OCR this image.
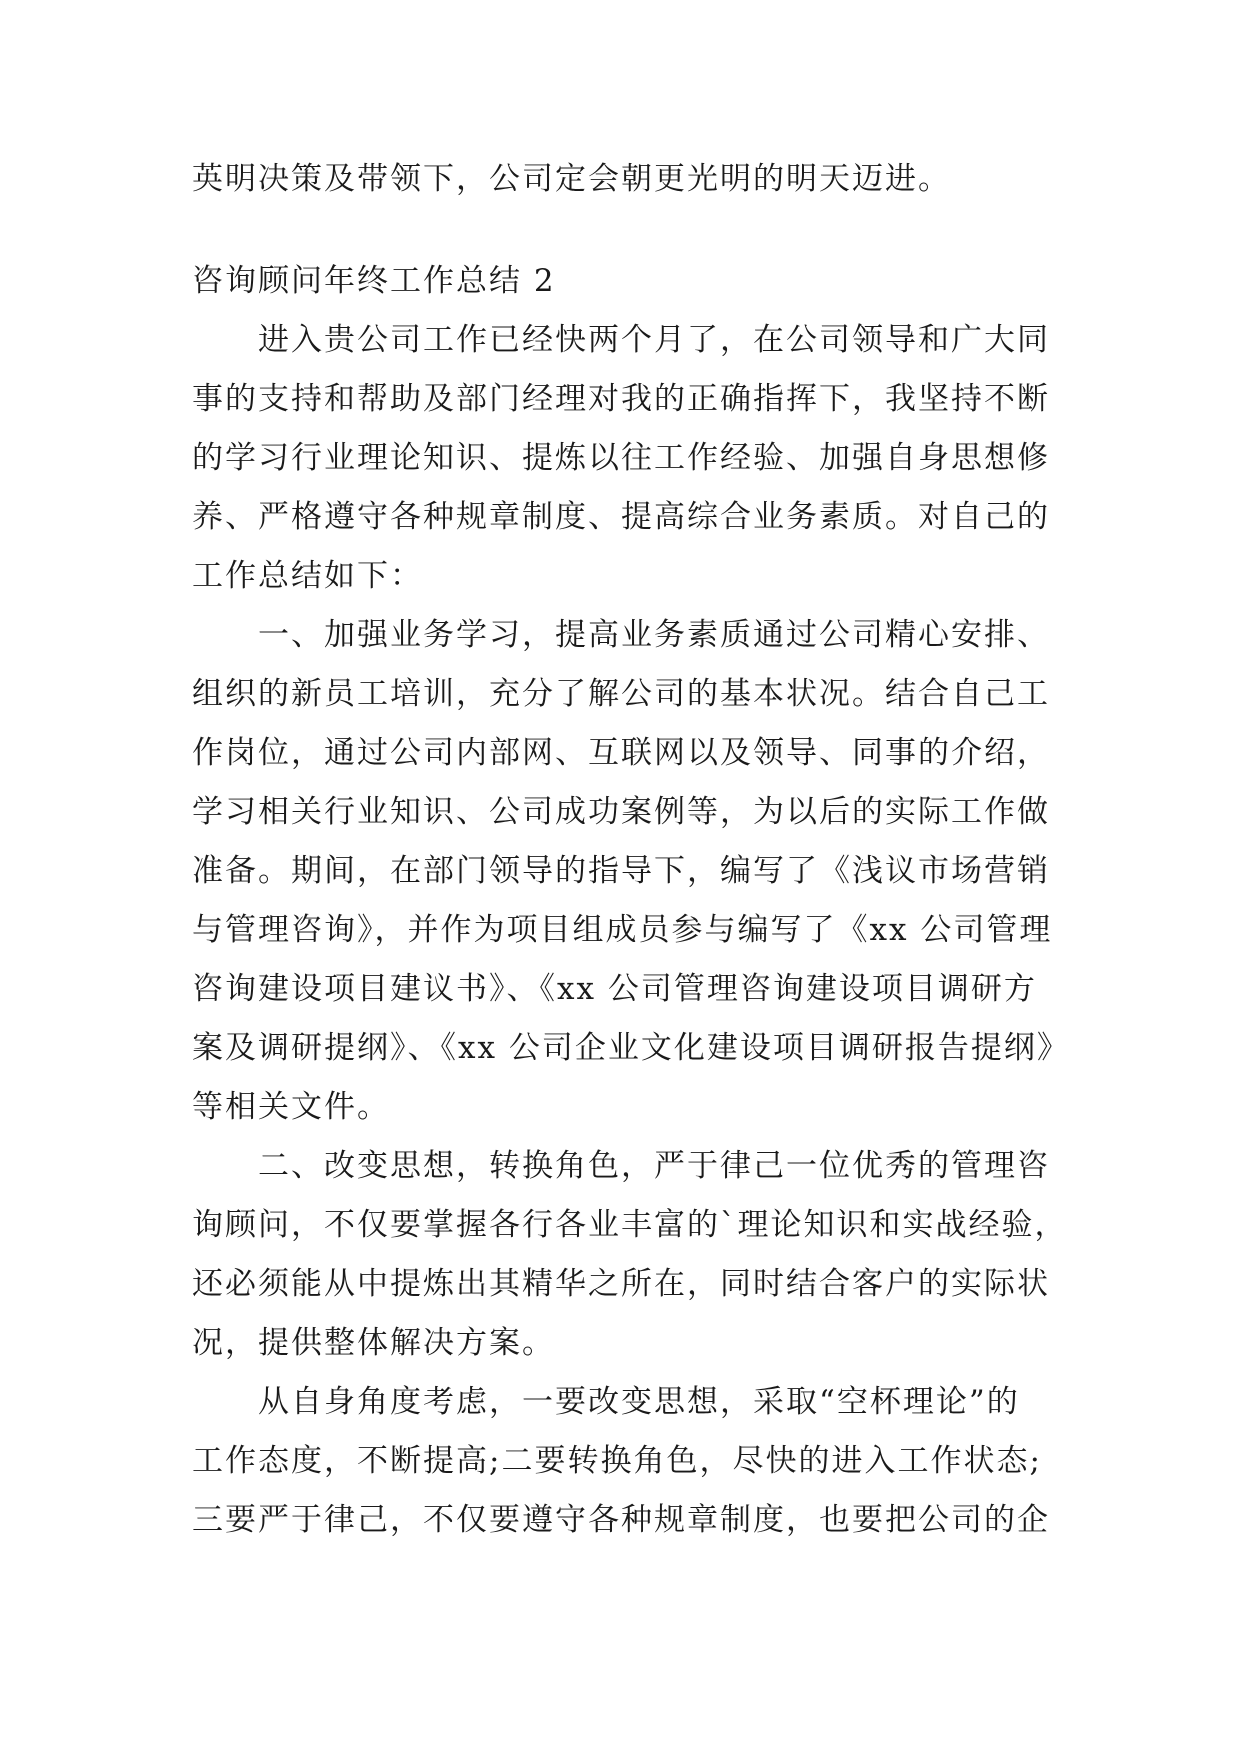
英明决策及带领下，公司定会朝更光明的明天迈进。
咨询顾问年终工作总结 2
进入贵公司工作已经快两个月了，在公司领导和广大同
事的支持和帮助及部门经理对我的正确指挥下，我坚持不断
的学习行业理论知识、提炼以往工作经验、加强自身思想修
养、严格遵守各种规章制度、提高综合业务素质。对自己的
工作总结如下：
一、加强业务学习，提高业务素质通过公司精心安排、
组织的新员工培训，充分了解公司的基本状况。结合自己工
作岗位，通过公司内部网、互联网以及领导、同事的介绍，
学习相关行业知识、公司成功案例等，为以后的实际工作做
准备。期间，在部门领导的指导下，编写了《浅议市场营销
与管理咨询》，并作为项目组成员参与编写了《xx 公司管理
咨询建设项目建议书》、《xx 公司管理咨询建设项目调研方
案及调研提纲》、《xx 公司企业文化建设项目调研报告提纲》
等相关文件。
二、改变思想，转换角色，严于律己一位优秀的管理咨
询顾问，不仅要掌握各行各业丰富的`理论知识和实战经验，
还必须能从中提炼出其精华之所在，同时结合客户的实际状
况，提供整体解决方案。
从自身角度考虑，一要改变思想，采取“空杯理论”的
工作态度，不断提高;二要转换角色，尽快的进入工作状态;
三要严于律己，不仅要遵守各种规章制度，也要把公司的企
